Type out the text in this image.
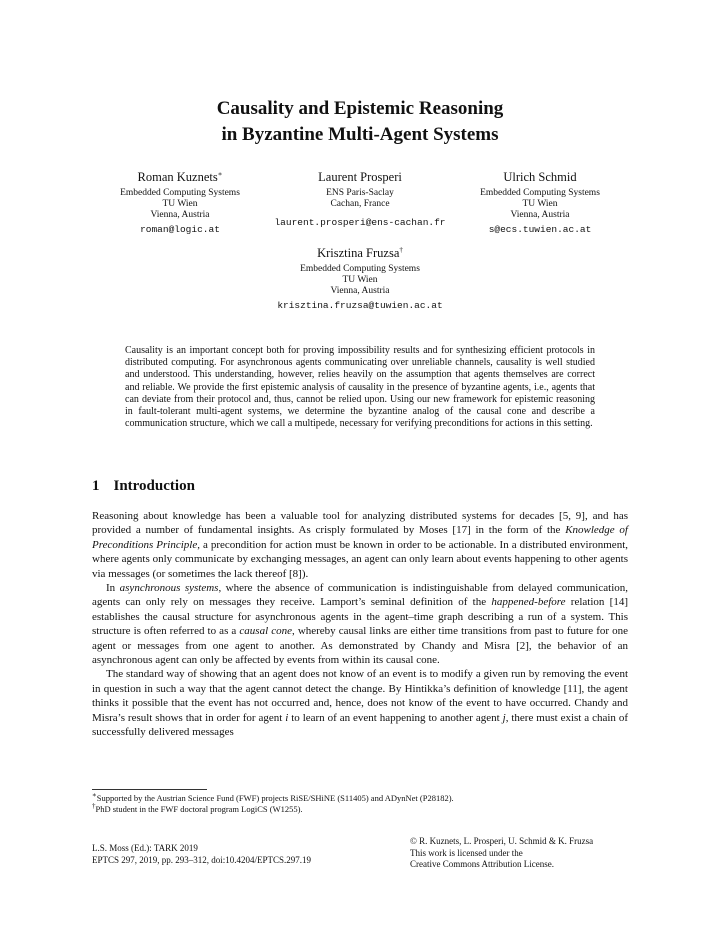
Causality and Epistemic Reasoning
in Byzantine Multi-Agent Systems
Roman Kuznets∗
Embedded Computing Systems
TU Wien
Vienna, Austria
roman@logic.at
Laurent Prosperi
ENS Paris-Saclay
Cachan, France
laurent.prosperi@ens-cachan.fr
Ulrich Schmid
Embedded Computing Systems
TU Wien
Vienna, Austria
s@ecs.tuwien.ac.at
Krisztina Fruzsa†
Embedded Computing Systems
TU Wien
Vienna, Austria
krisztina.fruzsa@tuwien.ac.at
Causality is an important concept both for proving impossibility results and for synthesizing efficient protocols in distributed computing. For asynchronous agents communicating over unreliable channels, causality is well studied and understood. This understanding, however, relies heavily on the assumption that agents themselves are correct and reliable. We provide the first epistemic analysis of causality in the presence of byzantine agents, i.e., agents that can deviate from their protocol and, thus, cannot be relied upon. Using our new framework for epistemic reasoning in fault-tolerant multi-agent systems, we determine the byzantine analog of the causal cone and describe a communication structure, which we call a multipede, necessary for verifying preconditions for actions in this setting.
1 Introduction

Reasoning about knowledge has been a valuable tool for analyzing distributed systems for decades [5, 9], and has provided a number of fundamental insights. As crisply formulated by Moses [17] in the form of the Knowledge of Preconditions Principle, a precondition for action must be known in order to be actionable. In a distributed environment, where agents only communicate by exchanging messages, an agent can only learn about events happening to other agents via messages (or sometimes the lack thereof [8]).

In asynchronous systems, where the absence of communication is indistinguishable from delayed communication, agents can only rely on messages they receive. Lamport’s seminal definition of the happened-before relation [14] establishes the causal structure for asynchronous agents in the agent–time graph describing a run of a system. This structure is often referred to as a causal cone, whereby causal links are either time transitions from past to future for one agent or messages from one agent to another. As demonstrated by Chandy and Misra [2], the behavior of an asynchronous agent can only be affected by events from within its causal cone.

The standard way of showing that an agent does not know of an event is to modify a given run by removing the event in question in such a way that the agent cannot detect the change. By Hintikka’s definition of knowledge [11], the agent thinks it possible that the event has not occurred and, hence, does not know of the event to have occurred. Chandy and Misra’s result shows that in order for agent i to learn of an event happening to another agent j, there must exist a chain of successfully delivered messages

∗Supported by the Austrian Science Fund (FWF) projects RiSE/SHiNE (S11405) and ADynNet (P28182).
†PhD student in the FWF doctoral program LogiCS (W1255).
L.S. Moss (Ed.): TARK 2019
EPTCS 297, 2019, pp. 293–312, doi:10.4204/EPTCS.297.19
© R. Kuznets, L. Prosperi, U. Schmid & K. Fruzsa
This work is licensed under the
Creative Commons Attribution License.
